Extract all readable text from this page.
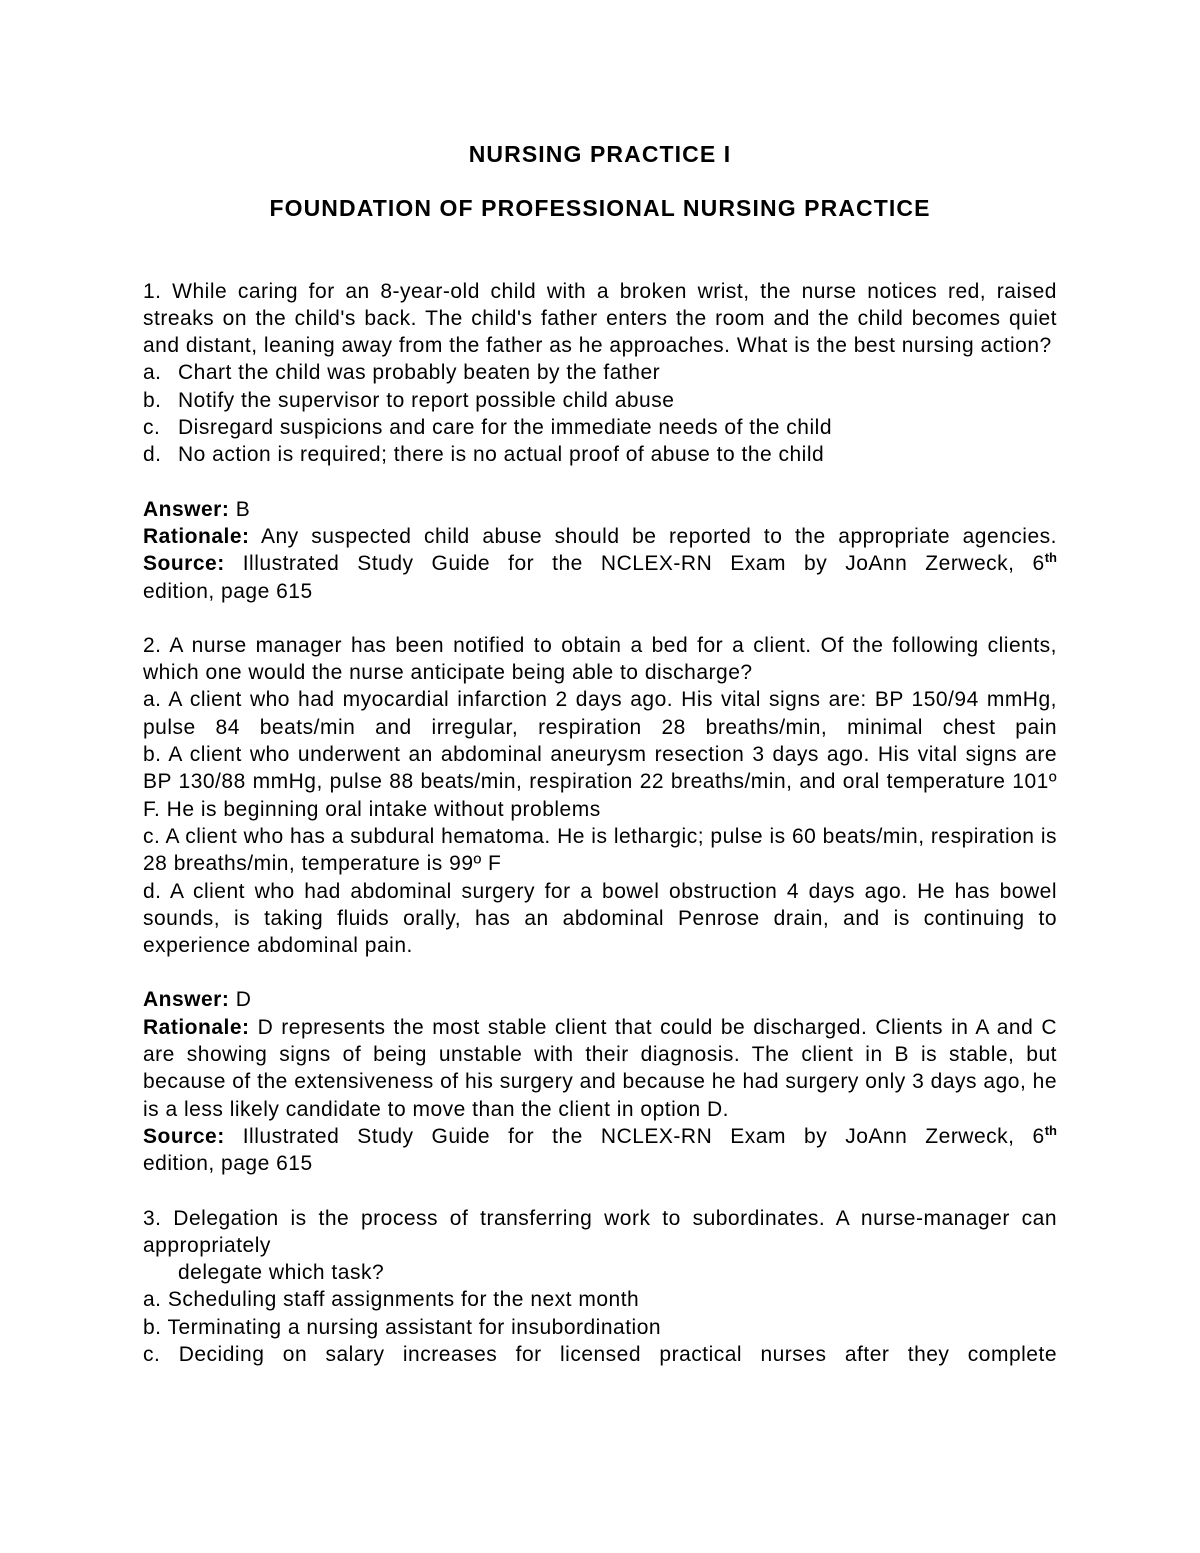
NURSING PRACTICE I
FOUNDATION OF PROFESSIONAL NURSING PRACTICE

1. While caring for an 8-year-old child with a broken wrist, the nurse notices red, raised streaks on the child's back. The child's father enters the room and the child becomes quiet and distant, leaning away from the father as he approaches. What is the best nursing action?

a. Chart the child was probably beaten by the father
b. Notify the supervisor to report possible child abuse
c. Disregard suspicions and care for the immediate needs of the child
d. No action is required; there is no actual proof of abuse to the child

Answer: B

Rationale: Any suspected child abuse should be reported to the appropriate agencies.

Source: Illustrated Study Guide for the NCLEX-RN Exam by JoAnn Zerweck, 6th

edition, page 615

2. A nurse manager has been notified to obtain a bed for a client. Of the following clients, which one would the nurse anticipate being able to discharge?

a. A client who had myocardial infarction 2 days ago. His vital signs are: BP 150/94 mmHg, pulse 84 beats/min and irregular, respiration 28 breaths/min, minimal chest pain

b. A client who underwent an abdominal aneurysm resection 3 days ago. His vital signs are BP 130/88 mmHg, pulse 88 beats/min, respiration 22 breaths/min, and oral temperature 101º F. He is beginning oral intake without problems

c. A client who has a subdural hematoma. He is lethargic; pulse is 60 beats/min, respiration is 28 breaths/min, temperature is 99º F

d. A client who had abdominal surgery for a bowel obstruction 4 days ago. He has bowel sounds, is taking fluids orally, has an abdominal Penrose drain, and is continuing to experience abdominal pain.

Answer: D

Rationale: D represents the most stable client that could be discharged. Clients in A and C are showing signs of being unstable with their diagnosis. The client in B is stable, but because of the extensiveness of his surgery and because he had surgery only 3 days ago, he is a less likely candidate to move than the client in option D.

Source: Illustrated Study Guide for the NCLEX-RN Exam by JoAnn Zerweck, 6th

edition, page 615

3. Delegation is the process of transferring work to subordinates. A nurse-manager can appropriately

delegate which task?

a. Scheduling staff assignments for the next month

b. Terminating a nursing assistant for insubordination

c. Deciding on salary increases for licensed practical nurses after they complete
